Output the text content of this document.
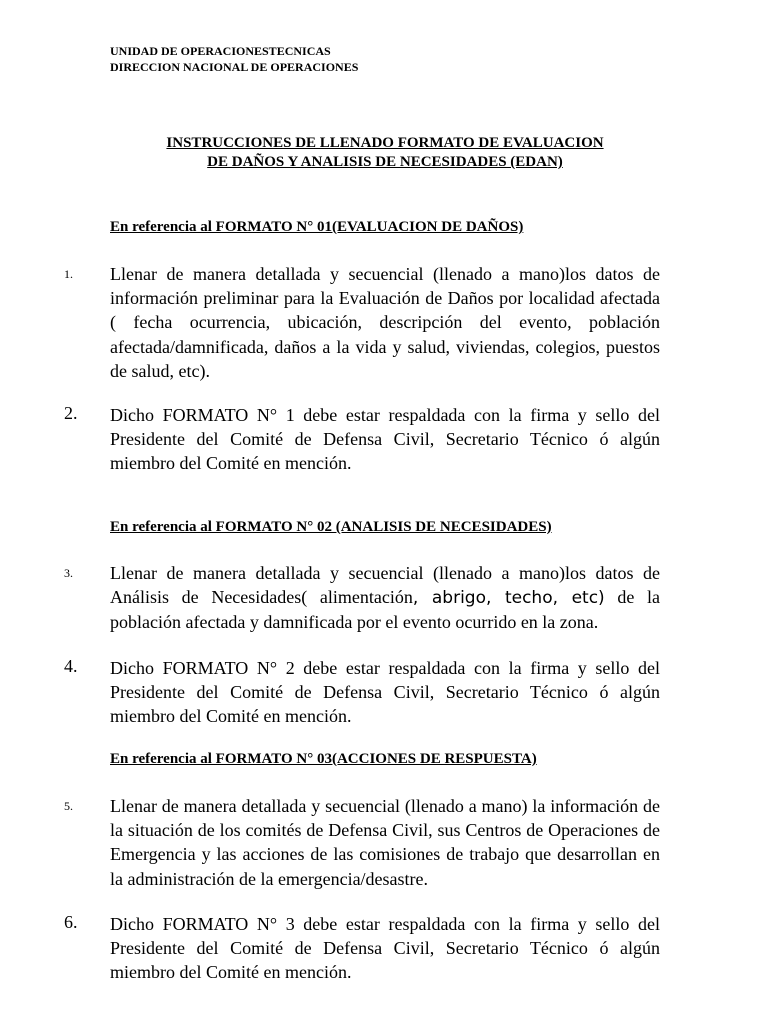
UNIDAD DE OPERACIONESTECNICAS
DIRECCION NACIONAL DE OPERACIONES
INSTRUCCIONES DE LLENADO FORMATO DE EVALUACION
DE DAÑOS Y ANALISIS DE NECESIDADES (EDAN)
En referencia al FORMATO N° 01(EVALUACION DE DAÑOS)
1. Llenar de manera detallada y secuencial (llenado a mano)los datos de información preliminar para la Evaluación de Daños por localidad afectada ( fecha ocurrencia, ubicación, descripción del evento, población afectada/damnificada, daños a la vida y salud, viviendas, colegios, puestos de salud, etc).
2. Dicho FORMATO N° 1 debe estar respaldada con la firma y sello del Presidente del Comité de Defensa Civil, Secretario Técnico ó algún miembro del Comité en mención.
En referencia al FORMATO N° 02 (ANALISIS DE NECESIDADES)
3. Llenar de manera detallada y secuencial (llenado a mano)los datos de Análisis de Necesidades( alimentación, abrigo, techo, etc) de la población afectada y damnificada por el evento ocurrido en la zona.
4. Dicho FORMATO N° 2 debe estar respaldada con la firma y sello del Presidente del Comité de Defensa Civil, Secretario Técnico ó algún miembro del Comité en mención.
En referencia al FORMATO N° 03(ACCIONES DE RESPUESTA)
5. Llenar de manera detallada y secuencial (llenado a mano) la información de la situación de los comités de Defensa Civil, sus Centros de Operaciones de Emergencia y las acciones de las comisiones de trabajo que desarrollan en la administración de la emergencia/desastre.
6. Dicho FORMATO N° 3 debe estar respaldada con la firma y sello del Presidente del Comité de Defensa Civil, Secretario Técnico ó algún miembro del Comité en mención.
